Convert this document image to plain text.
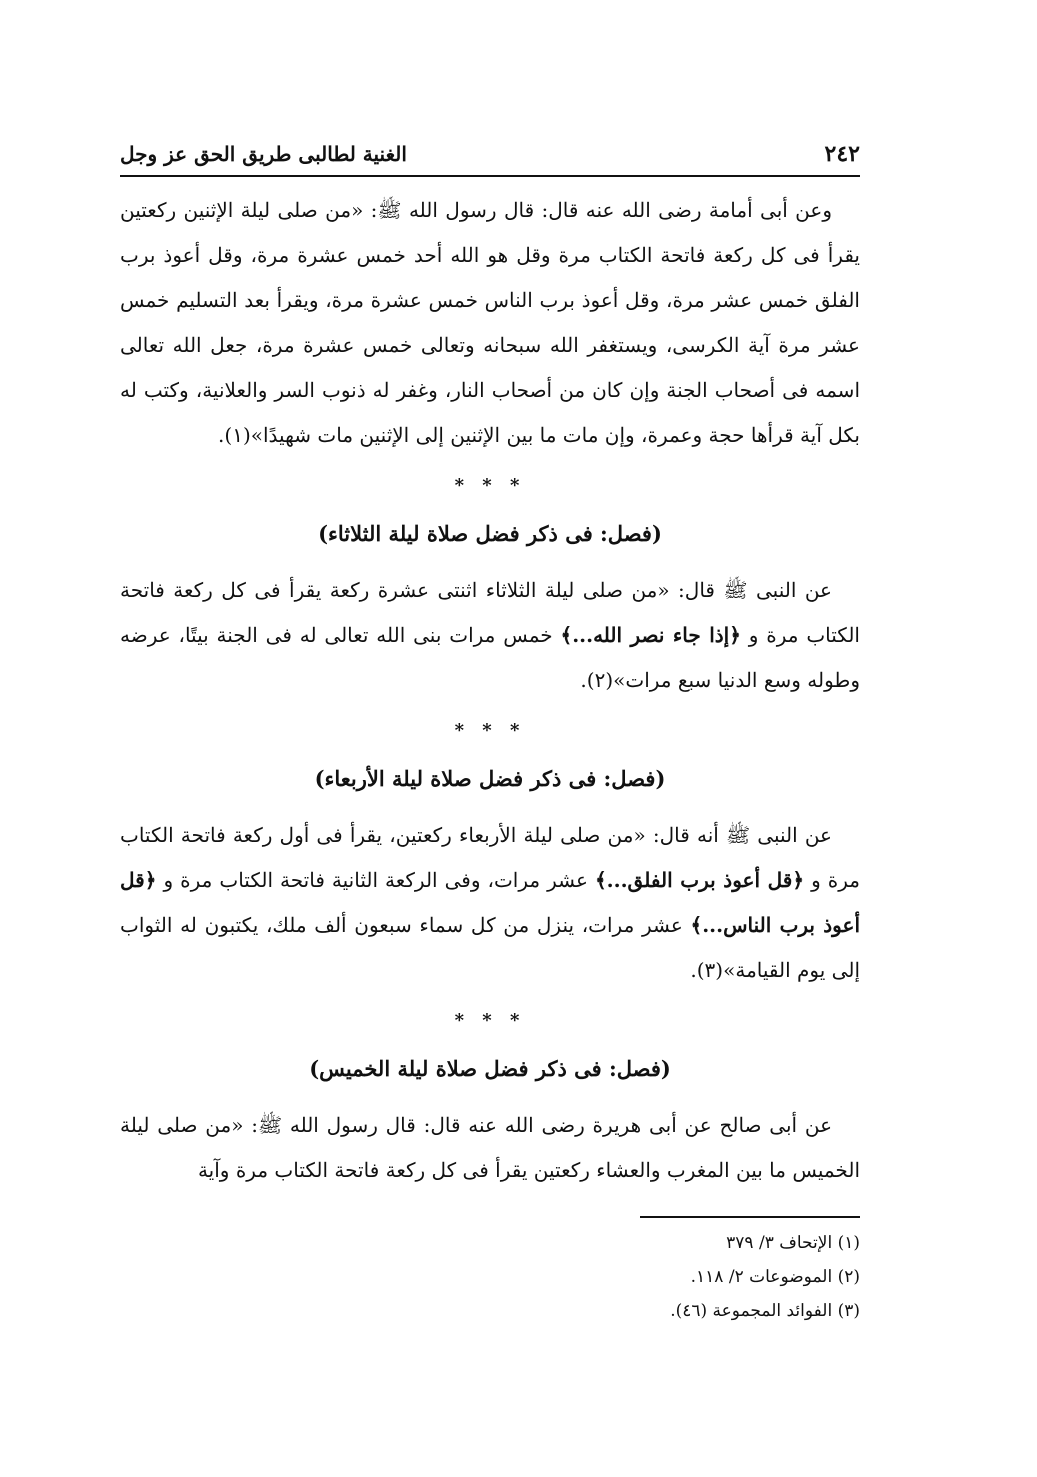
٢٤٢
الغنية لطالبى طريق الحق عز وجل

وعن أبى أمامة رضى الله عنه قال: قال رسول الله ﷺ: «من صلى ليلة الإثنين ركعتين يقرأ فى كل ركعة فاتحة الكتاب مرة وقل هو الله أحد خمس عشرة مرة، وقل أعوذ برب الفلق خمس عشر مرة، وقل أعوذ برب الناس خمس عشرة مرة، ويقرأ بعد التسليم خمس عشر مرة آية الكرسى، ويستغفر الله سبحانه وتعالى خمس عشرة مرة، جعل الله تعالى اسمه فى أصحاب الجنة وإن كان من أصحاب النار، وغفر له ذنوب السر والعلانية، وكتب له بكل آية قرأها حجة وعمرة، وإن مات ما بين الإثنين إلى الإثنين مات شهيدًا»(١).

* * *
(فصل: فى ذكر فضل صلاة ليلة الثلاثاء)

عن النبى ﷺ قال: «من صلى ليلة الثلاثاء اثنتى عشرة ركعة يقرأ فى كل ركعة فاتحة الكتاب مرة و ﴿إذا جاء نصر الله...﴾ خمس مرات بنى الله تعالى له فى الجنة بيتًا، عرضه وطوله وسع الدنيا سبع مرات»(٢).

* * *
(فصل: فى ذكر فضل صلاة ليلة الأربعاء)

عن النبى ﷺ أنه قال: «من صلى ليلة الأربعاء ركعتين، يقرأ فى أول ركعة فاتحة الكتاب مرة و ﴿قل أعوذ برب الفلق...﴾ عشر مرات، وفى الركعة الثانية فاتحة الكتاب مرة و ﴿قل أعوذ برب الناس...﴾ عشر مرات، ينزل من كل سماء سبعون ألف ملك، يكتبون له الثواب إلى يوم القيامة»(٣).

* * *
(فصل: فى ذكر فضل صلاة ليلة الخميس)

عن أبى صالح عن أبى هريرة رضى الله عنه قال: قال رسول الله ﷺ: «من صلى ليلة الخميس ما بين المغرب والعشاء ركعتين يقرأ فى كل ركعة فاتحة الكتاب مرة وآية

(١) الإتحاف ٣/ ٣٧٩

(٢) الموضوعات ٢/ ١١٨.

(٣) الفوائد المجموعة (٤٦).
